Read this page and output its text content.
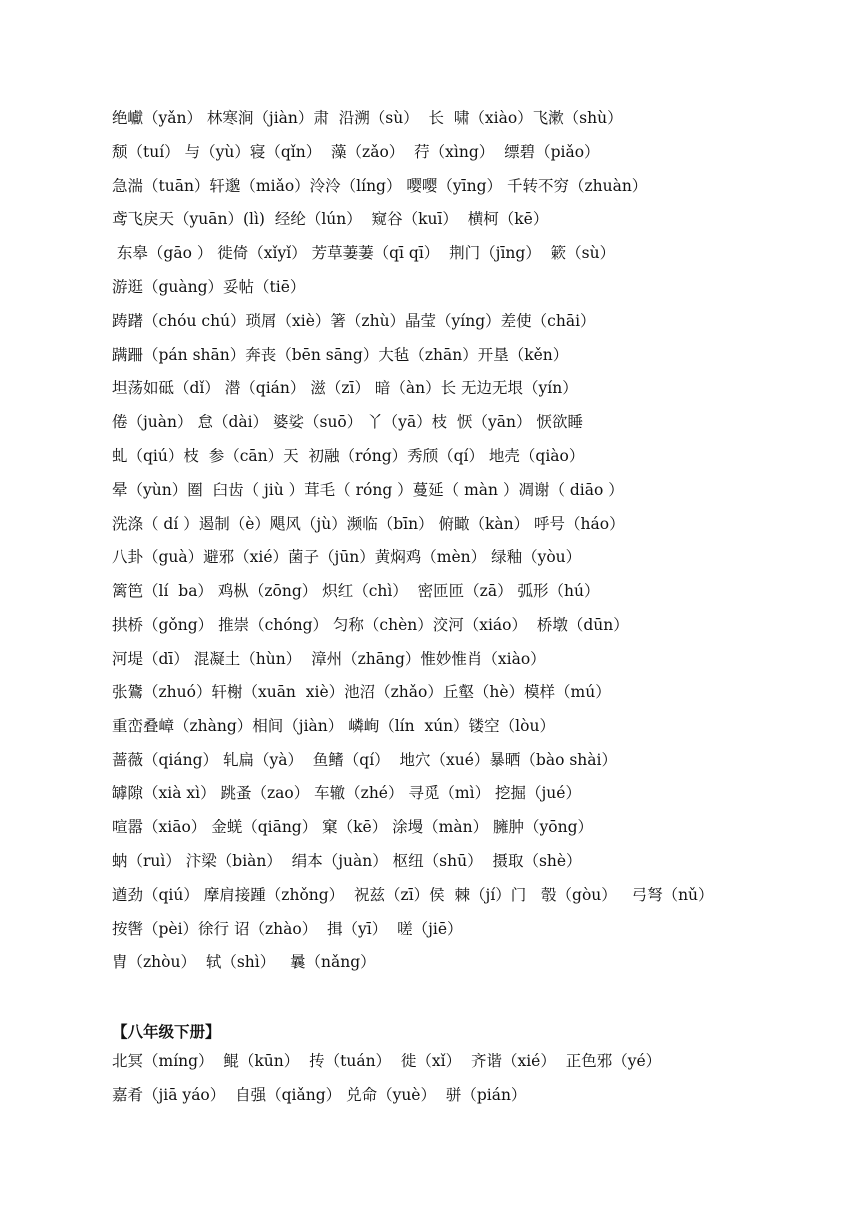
绝巘（yǎn） 林寒涧（jiàn）肃  沿溯（sù）  长  啸（xiào）飞漱（shù）
颓（tuí） 与（yù）寝（qǐn）  藻（zǎo）  荇（xìng）  缥碧（piǎo）
急湍（tuān）轩邈（miǎo）泠泠（líng） 嘤嘤（yīng） 千转不穷（zhuàn）
鸢飞戾天（yuān）(lì)  经纶（lún）  窥谷（kuī）  横柯（kē）
东皋（gāo ） 徙倚（xǐyǐ） 芳草萋萋（qī qī）  荆门（jīng）  簌（sù）
游逛（guàng）妥帖（tiē）
踌躇（chóu chú）琐屑（xiè）箸（zhù）晶莹（yíng）差使（chāi）
蹒跚（pán shān）奔丧（bēn sāng）大毡（zhān）开垦（kěn）
坦荡如砥（dǐ） 潜（qián） 滋（zī） 暗（àn）长 无边无垠（yín）
倦（juàn） 怠（dài） 婆娑（suō） 丫（yā）枝  恹（yān） 恹欲睡
虬（qiú）枝  参（cān）天  初融（róng）秀颀（qí） 地壳（qiào）
晕（yùn）圈  臼齿（ jiù ）茸毛（ róng ）蔓延（ màn ）凋谢（ diāo ）
洗涤（ dí ）遏制（è）飓风（jù）濒临（bīn） 俯瞰（kàn） 呼号（háo）
八卦（guà）避邪（xié）菌子（jūn）黄焖鸡（mèn） 绿釉（yòu）
篱笆（lí  ba） 鸡枞（zōng） 炽红（chì）  密匝匝（zā） 弧形（hú）
拱桥（gǒng） 推崇（chóng） 匀称（chèn）洨河（xiáo）  桥墩（dūn）
河堤（dī） 混凝土（hùn）  漳州（zhāng）惟妙惟肖（xiào）
张鷟（zhuó）轩榭（xuān  xiè）池沼（zhǎo）丘壑（hè）模样（mú）
重峦叠嶂（zhàng）相间（jiàn） 嶙峋（lín  xún）镂空（lòu）
蔷薇（qiáng） 轧扁（yà）  鱼鳍（qí）  地穴（xué）暴晒（bào shài）
罅隙（xià xì） 跳蚤（zao） 车辙（zhé） 寻觅（mì） 挖掘（jué）
喧嚣（xiāo） 金蜣（qiāng） 窠（kē） 涂墁（màn） 臃肿（yōng）
蚋（ruì） 汴梁（biàn）  绢本（juàn） 枢纽（shū）  摄取（shè）
遒劲（qiú） 摩肩接踵（zhǒng）  祝兹（zī）侯  棘（jí）门   彀（gòu）   弓弩（nǔ）
按辔（pèi）徐行 诏（zhào）  揖（yī）  嗟（jiē）
胄（zhòu）  轼（shì）   曩（nǎng）
【八年级下册】
北冥（míng）  鲲（kūn）  抟（tuán）  徙（xǐ）  齐谐（xié）  正色邪（yé）
嘉肴（jiā yáo）  自强（qiǎng） 兑命（yuè）  骈（pián）
